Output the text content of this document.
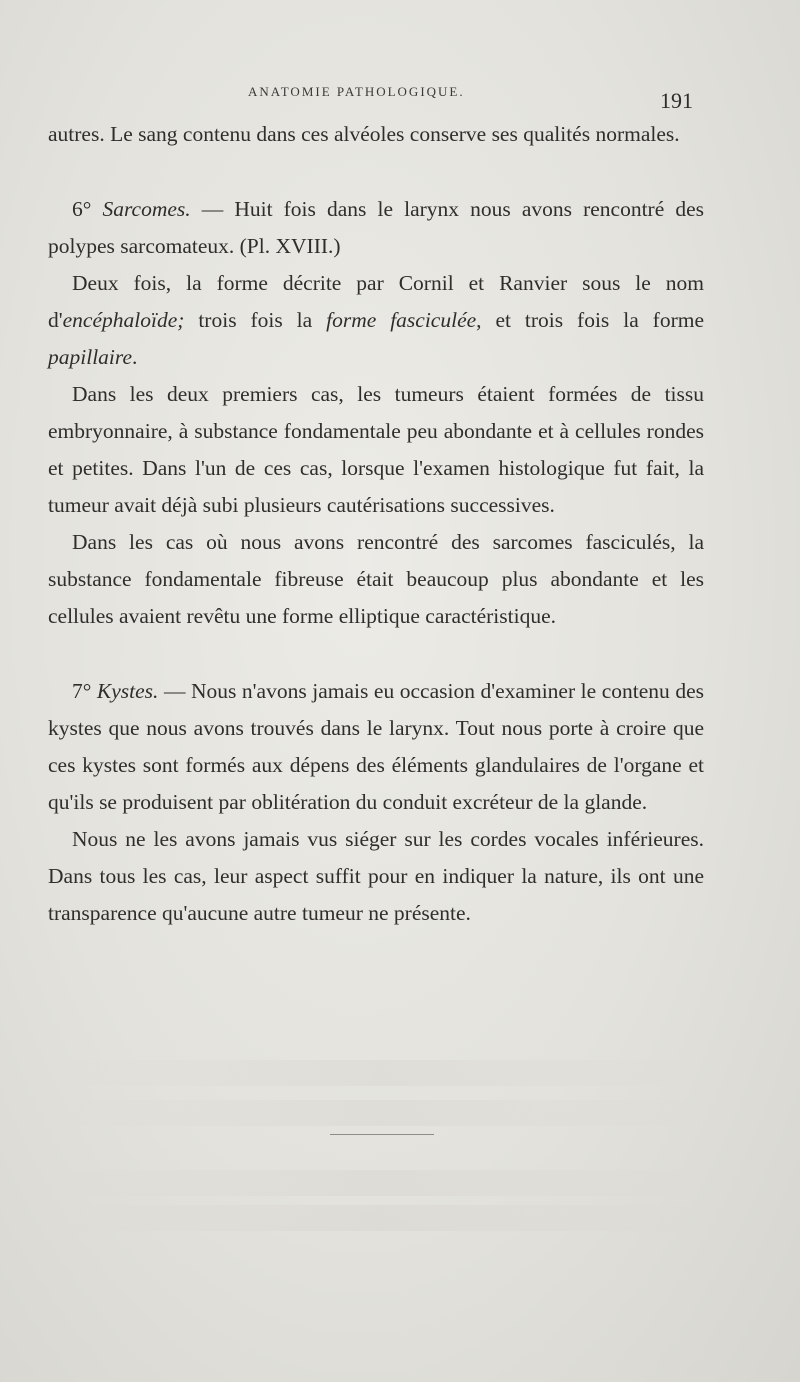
ANATOMIE PATHOLOGIQUE.	191

autres. Le sang contenu dans ces alvéoles conserve ses qualités normales.

6° Sarcomes. — Huit fois dans le larynx nous avons rencontré des polypes sarcomateux. (Pl. XVIII.)

Deux fois, la forme décrite par Cornil et Ranvier sous le nom d'encéphaloïde; trois fois la forme fasciculée, et trois fois la forme papillaire.

Dans les deux premiers cas, les tumeurs étaient formées de tissu embryonnaire, à substance fondamentale peu abondante et à cellules rondes et petites. Dans l'un de ces cas, lorsque l'examen histologique fut fait, la tumeur avait déjà subi plusieurs cautérisations successives.

Dans les cas où nous avons rencontré des sarcomes fasciculés, la substance fondamentale fibreuse était beaucoup plus abondante et les cellules avaient revêtu une forme elliptique caractéristique.

7° Kystes. — Nous n'avons jamais eu occasion d'examiner le contenu des kystes que nous avons trouvés dans le larynx. Tout nous porte à croire que ces kystes sont formés aux dépens des éléments glandulaires de l'organe et qu'ils se produisent par oblitération du conduit excréteur de la glande.

Nous ne les avons jamais vus siéger sur les cordes vocales inférieures. Dans tous les cas, leur aspect suffit pour en indiquer la nature, ils ont une transparence qu'aucune autre tumeur ne présente.
